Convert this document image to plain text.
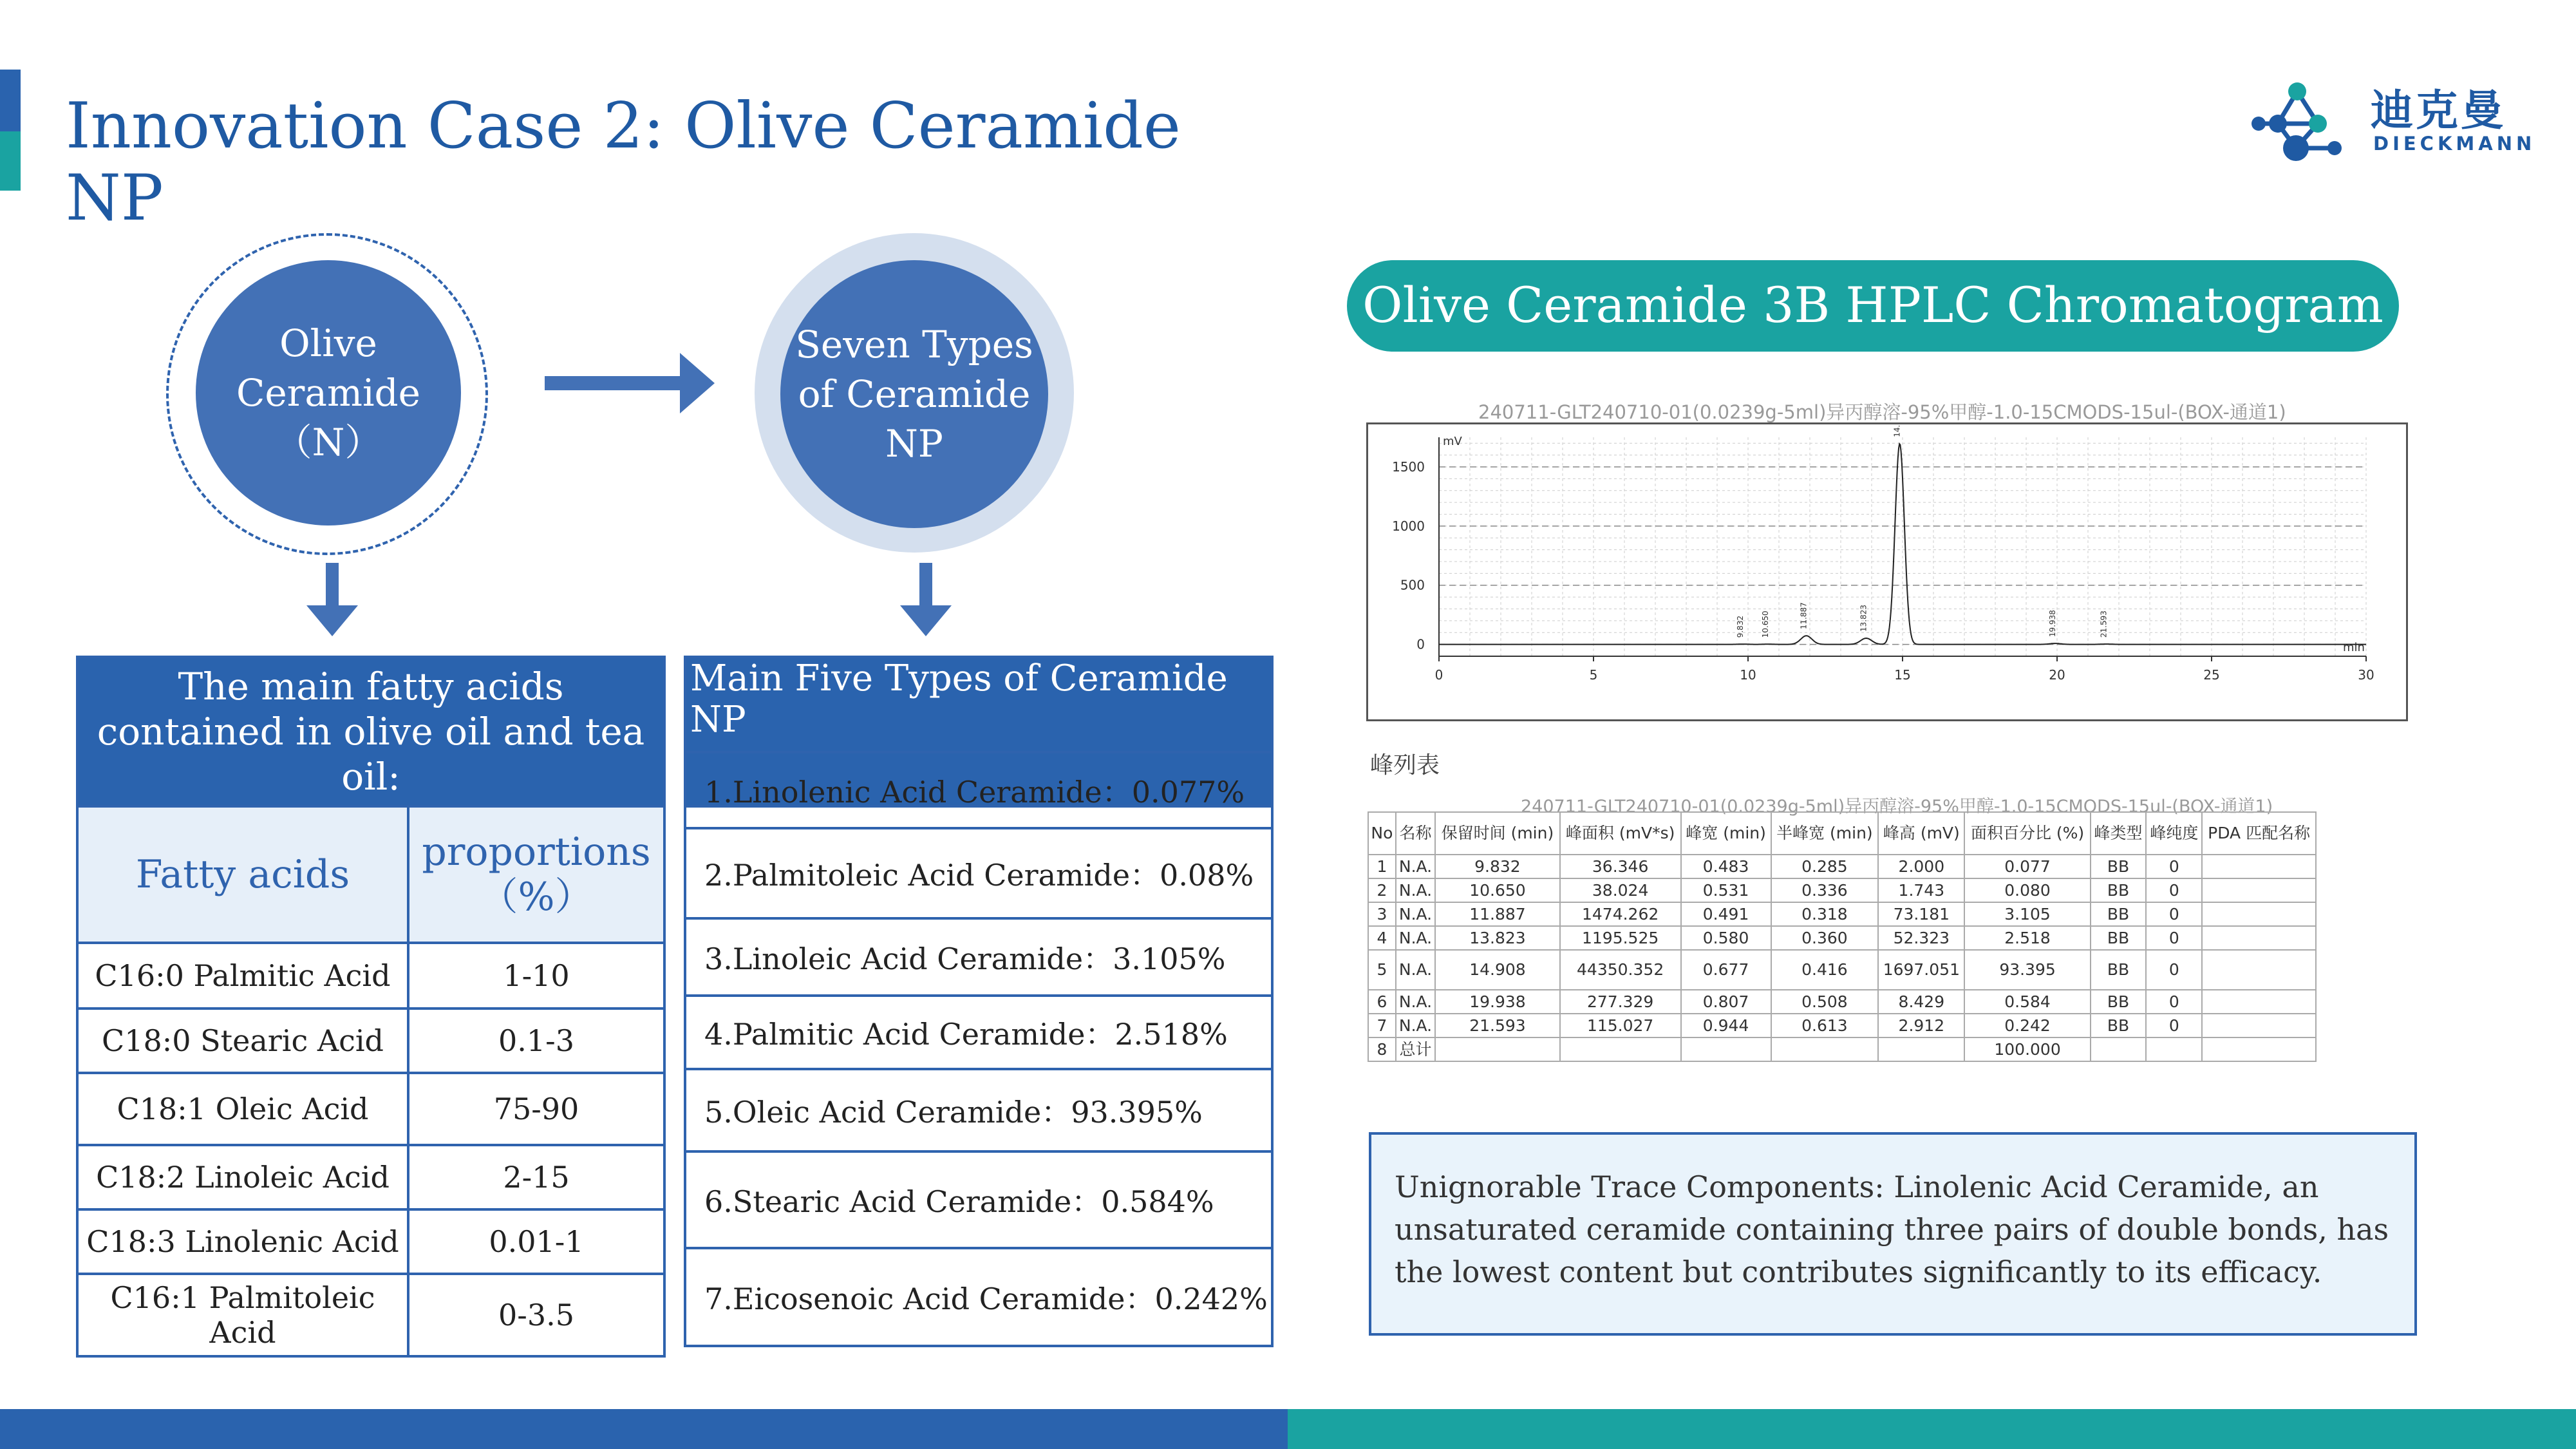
Innovation Case 2: Olive Ceramide NP
迪克曼
DIECKMANN
Olive
Ceramide
（N）
Seven Types
of Ceramide
NP
The main fatty acids contained in olive oil and tea oil:	
Fatty acids	proportions（%）
C16:0 Palmitic Acid	1-10
C18:0 Stearic Acid	0.1-3
C18:1 Oleic Acid	75-90
C18:2 Linoleic Acid	2-15
C18:3 Linolenic Acid	0.01-1
C16:1 Palmitoleic Acid	0-3.5
Main Five Types of Ceramide NP

1.Linolenic Acid Ceramide：0.077%
2.Palmitoleic Acid Ceramide：0.08%
3.Linoleic Acid Ceramide：3.105%
4.Palmitic Acid Ceramide：2.518%
5.Oleic Acid Ceramide：93.395%
6.Stearic Acid Ceramide：0.584%
7.Eicosenoic Acid Ceramide：0.242%
Olive Ceramide 3B HPLC Chromatogram
240711-GLT240710-01(0.0239g-5ml)异丙醇溶-95%甲醇-1.0-15CMODS-15ul-(BOX-通道1)
0	5	10	15	20	25	30
0
500
1000
1500
mV
min
9.832 10.650	11.887	13.823	19.938	21.593
峰列表
240711-GLT240710-01(0.0239g-5ml)异丙醇溶-95%甲醇-1.0-15CMODS-15ul-(BOX-通道1)
No	名称	保留时间 (min)	峰面积 (mV*s)	峰宽 (min)	半峰宽 (min)	峰高 (mV)	面积百分比 (%)	峰类型	峰纯度	PDA 匹配名称
1	N.A.	9.832	36.346	0.483	0.285	2.000	0.077	BB	0	
2	N.A.	10.650	38.024	0.531	0.336	1.743	0.080	BB	0	
3	N.A.	11.887	1474.262	0.491	0.318	73.181	3.105	BB	0	
4	N.A.	13.823	1195.525	0.580	0.360	52.323	2.518	BB	0	
5	N.A.	14.908	44350.352	0.677	0.416	1697.051	93.395	BB	0	
6	N.A.	19.938	277.329	0.807	0.508	8.429	0.584	BB	0	
7	N.A.	21.593	115.027	0.944	0.613	2.912	0.242	BB	0	
8	总计						100.000			
Unignorable Trace Components: Linolenic Acid Ceramide, an unsaturated ceramide containing three pairs of double bonds, has the lowest content but contributes significantly to its efficacy.
